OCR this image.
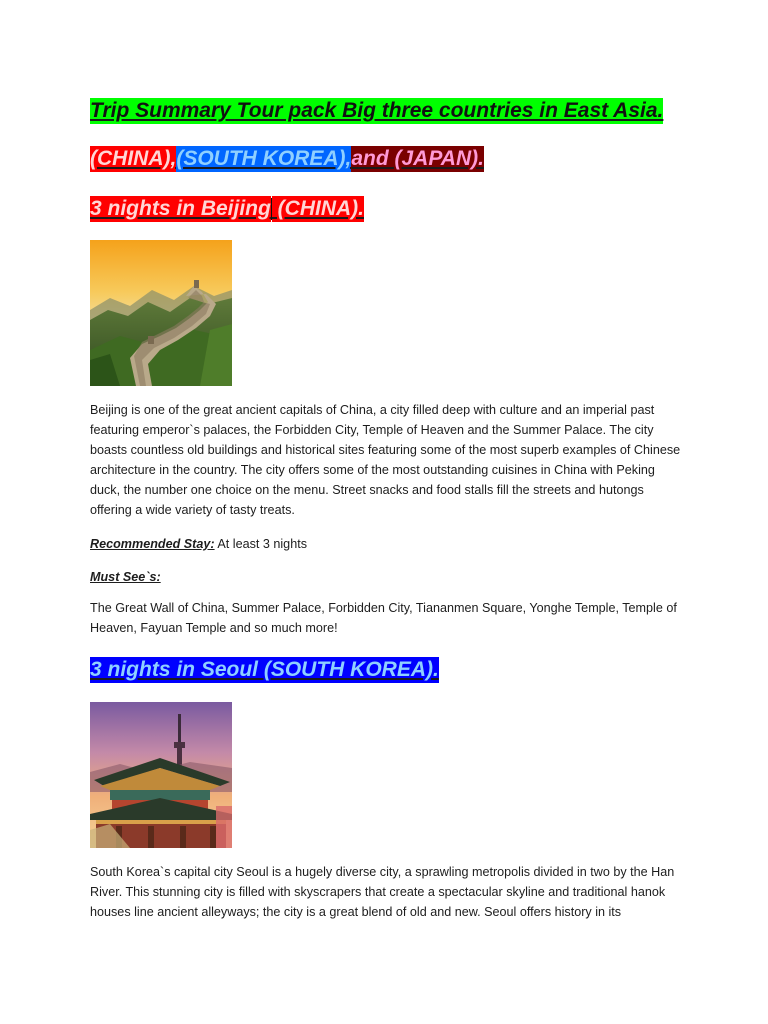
Trip Summary Tour pack Big three countries in East Asia.
(CHINA),(SOUTH KOREA),and (JAPAN).
3 nights in Beijing (CHINA).
Beijing is one of the great ancient capitals of China, a city filled deep with culture and an imperial past featuring emperor`s palaces, the Forbidden City, Temple of Heaven and the Summer Palace. The city boasts countless old buildings and historical sites featuring some of the most superb examples of Chinese architecture in the country. The city offers some of the most outstanding cuisines in China with Peking duck, the number one choice on the menu. Street snacks and food stalls fill the streets and hutongs offering a wide variety of tasty treats.
Recommended Stay: At least 3 nights
Must See`s:
The Great Wall of China, Summer Palace, Forbidden City, Tiananmen Square, Yonghe Temple, Temple of Heaven, Fayuan Temple and so much more!
3 nights in Seoul (SOUTH KOREA).
South Korea`s capital city Seoul is a hugely diverse city, a sprawling metropolis divided in two by the Han River. This stunning city is filled with skyscrapers that create a spectacular skyline and traditional hanok houses line ancient alleyways; the city is a great blend of old and new. Seoul offers history in its
